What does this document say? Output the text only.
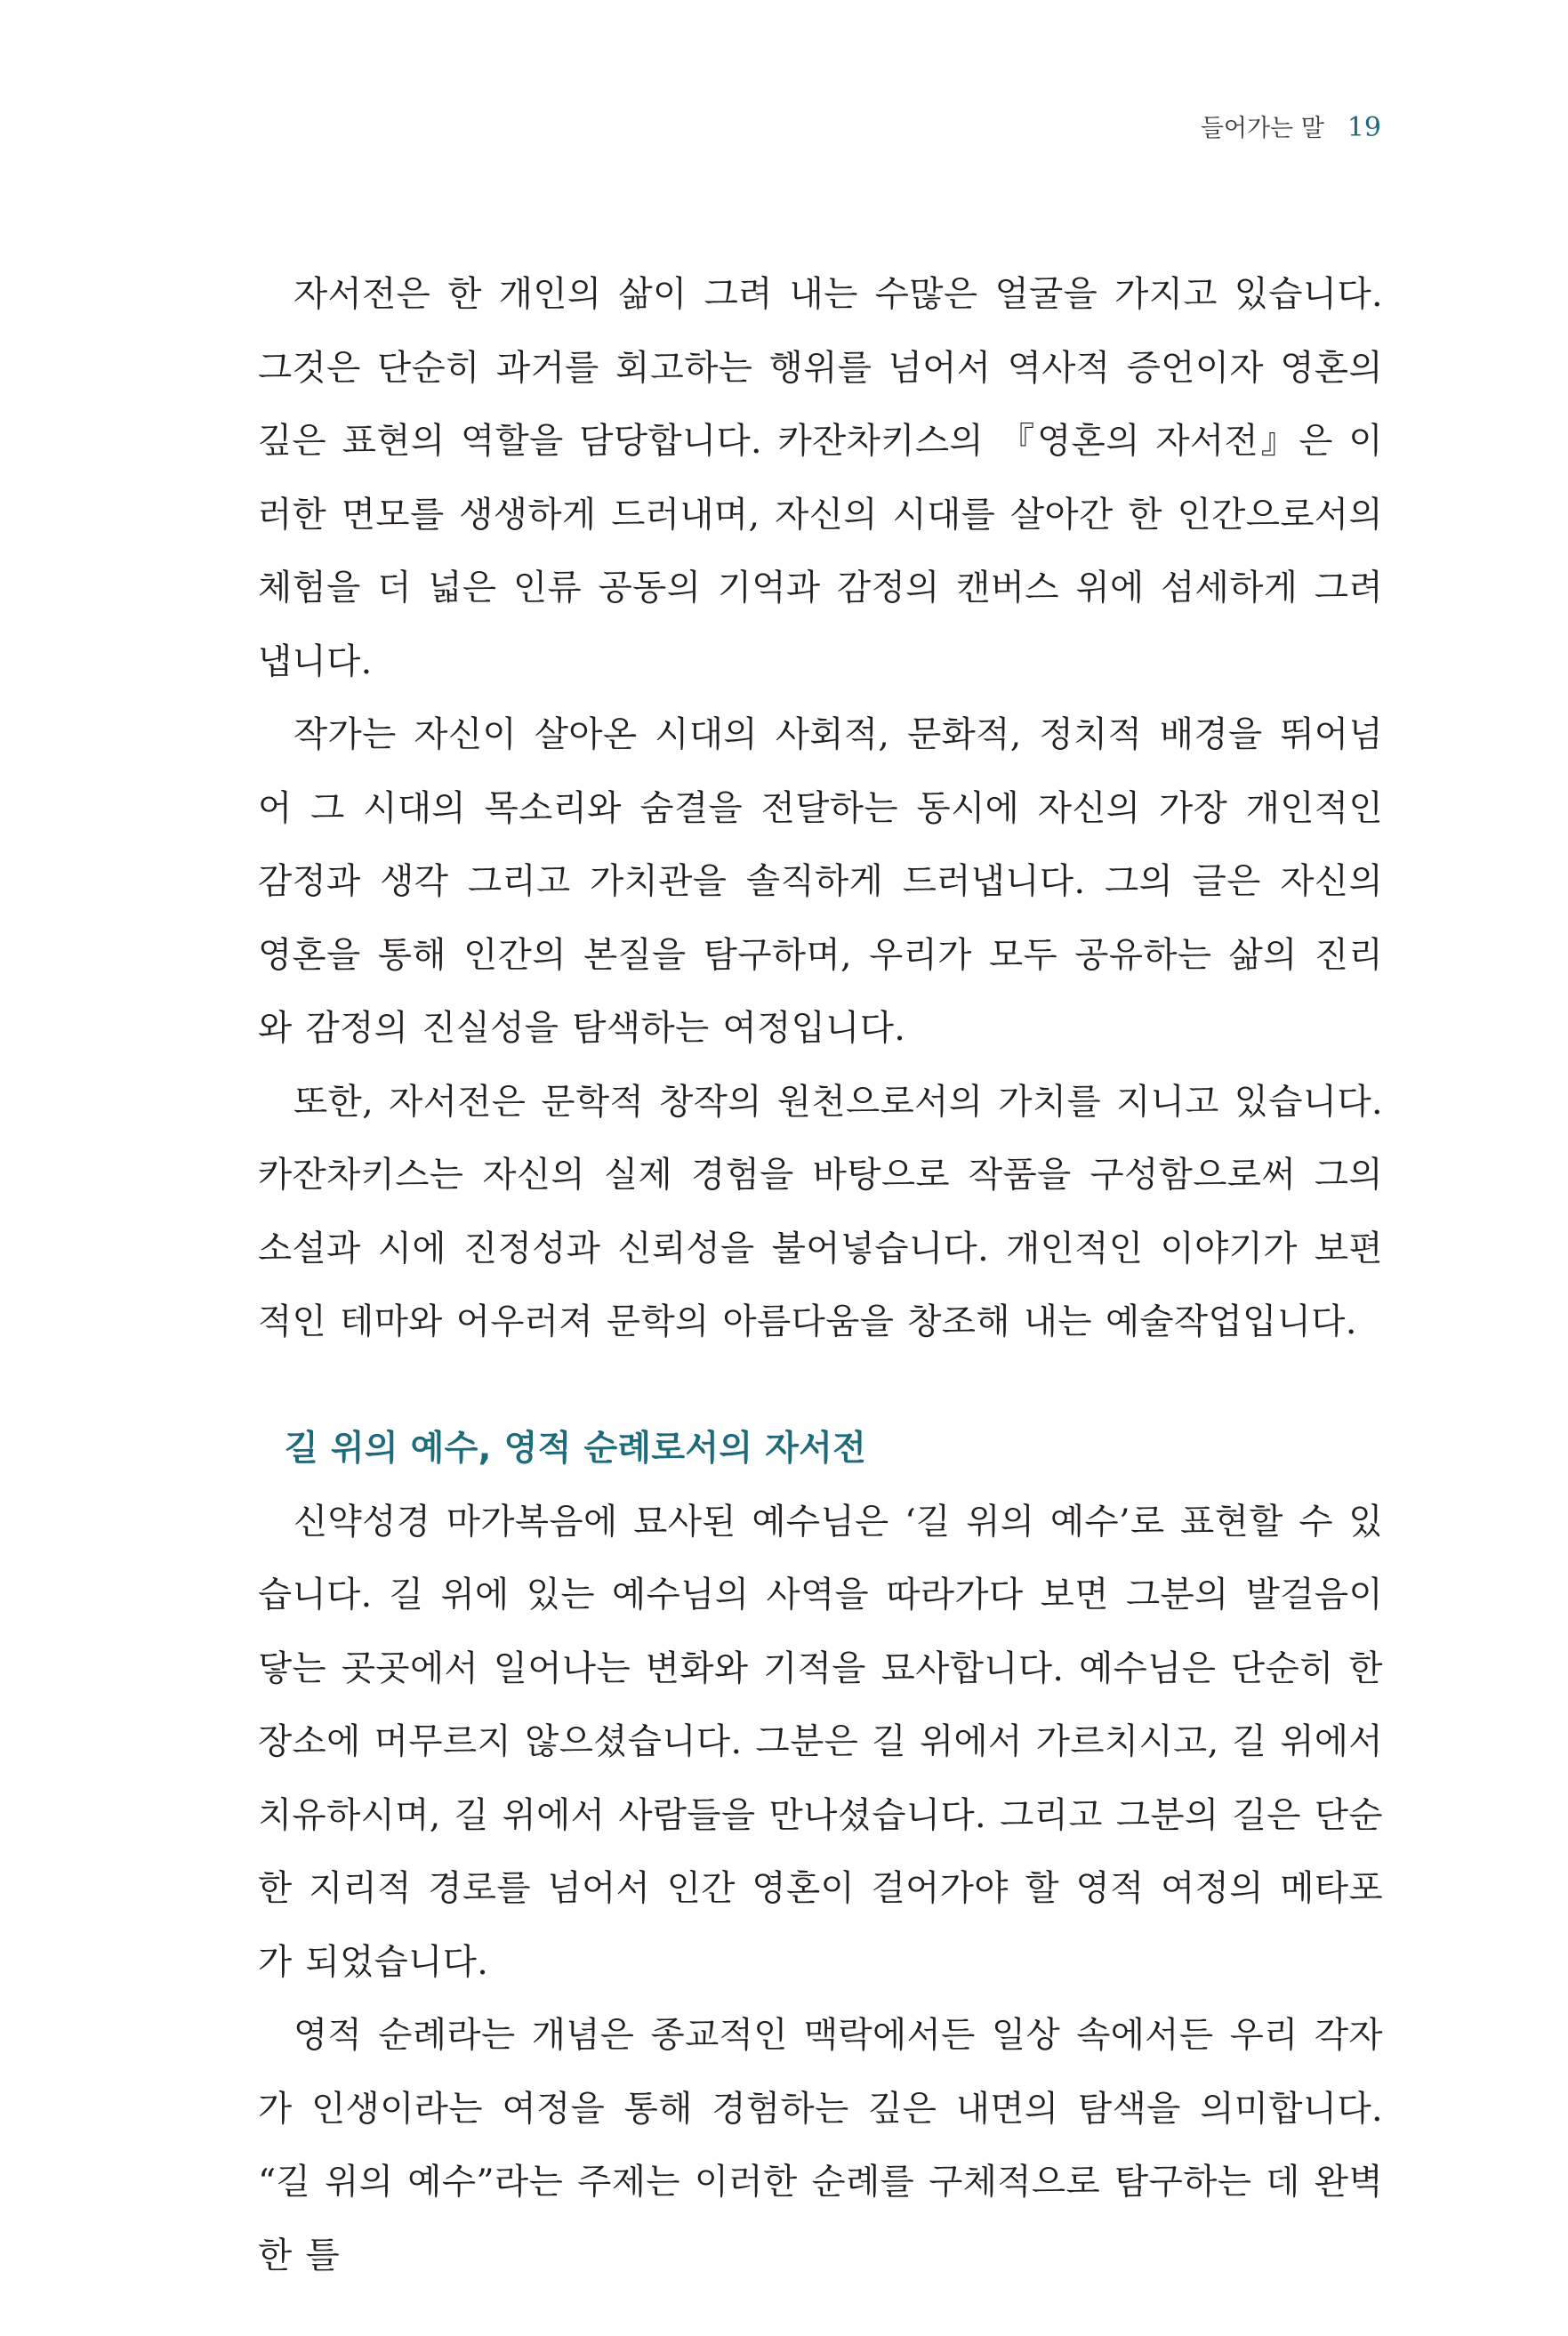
들어가는 말 19

자서전은 한 개인의 삶이 그려 내는 수많은 얼굴을 가지고 있습니다. 그것은 단순히 과거를 회고하는 행위를 넘어서 역사적 증언이자 영혼의 깊은 표현의 역할을 담당합니다. 카잔차키스의 『영혼의 자서전』은 이러한 면모를 생생하게 드러내며, 자신의 시대를 살아간 한 인간으로서의 체험을 더 넓은 인류 공동의 기억과 감정의 캔버스 위에 섬세하게 그려 냅니다.

작가는 자신이 살아온 시대의 사회적, 문화적, 정치적 배경을 뛰어넘어 그 시대의 목소리와 숨결을 전달하는 동시에 자신의 가장 개인적인 감정과 생각 그리고 가치관을 솔직하게 드러냅니다. 그의 글은 자신의 영혼을 통해 인간의 본질을 탐구하며, 우리가 모두 공유하는 삶의 진리와 감정의 진실성을 탐색하는 여정입니다.

또한, 자서전은 문학적 창작의 원천으로서의 가치를 지니고 있습니다. 카잔차키스는 자신의 실제 경험을 바탕으로 작품을 구성함으로써 그의 소설과 시에 진정성과 신뢰성을 불어넣습니다. 개인적인 이야기가 보편적인 테마와 어우러져 문학의 아름다움을 창조해 내는 예술작업입니다.

길 위의 예수, 영적 순례로서의 자서전

신약성경 마가복음에 묘사된 예수님은 ‘길 위의 예수’로 표현할 수 있습니다. 길 위에 있는 예수님의 사역을 따라가다 보면 그분의 발걸음이 닿는 곳곳에서 일어나는 변화와 기적을 묘사합니다. 예수님은 단순히 한 장소에 머무르지 않으셨습니다. 그분은 길 위에서 가르치시고, 길 위에서 치유하시며, 길 위에서 사람들을 만나셨습니다. 그리고 그분의 길은 단순한 지리적 경로를 넘어서 인간 영혼이 걸어가야 할 영적 여정의 메타포가 되었습니다.

영적 순례라는 개념은 종교적인 맥락에서든 일상 속에서든 우리 각자가 인생이라는 여정을 통해 경험하는 깊은 내면의 탐색을 의미합니다. “길 위의 예수”라는 주제는 이러한 순례를 구체적으로 탐구하는 데 완벽한 틀
